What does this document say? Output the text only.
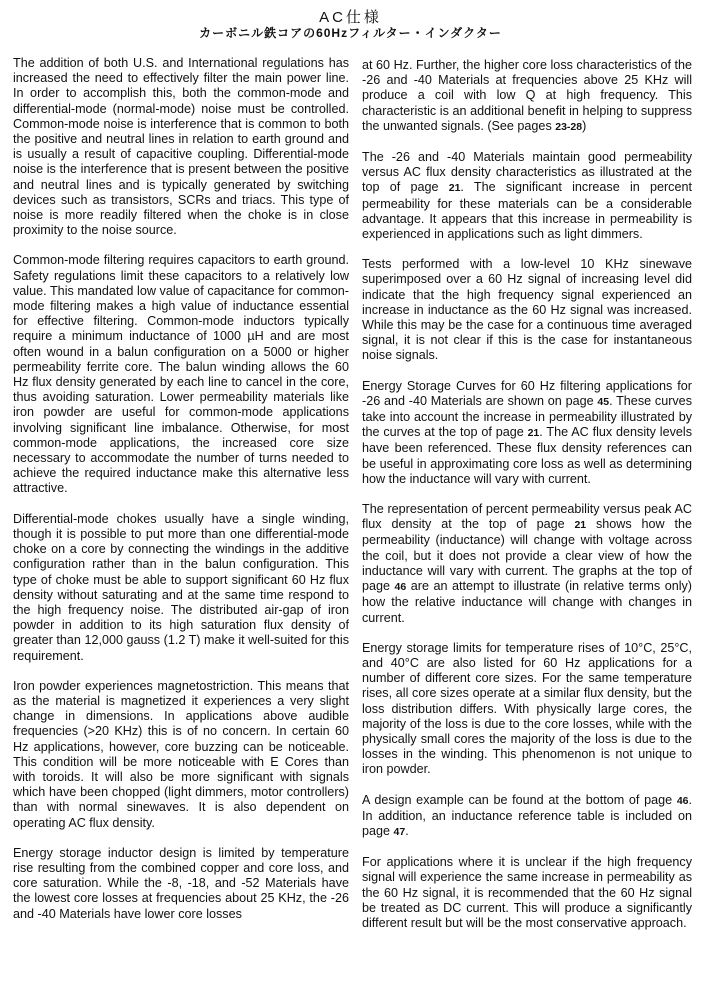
AC仕様
カーボニル鉄コアの60Hzフィルター・インダクター

The addition of both U.S. and International regulations has increased the need to effectively filter the main power line. In order to accomplish this, both the common-mode and differential-mode (normal-mode) noise must be controlled. Common-mode noise is interference that is common to both the positive and neutral lines in relation to earth ground and is usually a result of capacitive coupling. Differential-mode noise is the interference that is present between the positive and neutral lines and is typically generated by switching devices such as transistors, SCRs and triacs. This type of noise is more readily filtered when the choke is in close proximity to the noise source.

Common-mode filtering requires capacitors to earth ground. Safety regulations limit these capacitors to a relatively low value. This mandated low value of capacitance for common-mode filtering makes a high value of inductance essential for effective filtering. Common-mode inductors typically require a minimum inductance of 1000 µH and are most often wound in a balun configuration on a 5000 or higher permeability ferrite core. The balun winding allows the 60 Hz flux density generated by each line to cancel in the core, thus avoiding saturation. Lower permeability materials like iron powder are useful for common-mode applications involving significant line imbalance. Otherwise, for most common-mode applications, the increased core size necessary to accommodate the number of turns needed to achieve the required inductance make this alternative less attractive.

Differential-mode chokes usually have a single winding, though it is possible to put more than one differential-mode choke on a core by connecting the windings in the additive configuration rather than in the balun configuration. This type of choke must be able to support significant 60 Hz flux density without saturating and at the same time respond to the high frequency noise. The distributed air-gap of iron powder in addition to its high saturation flux density of greater than 12,000 gauss (1.2 T) make it well-suited for this requirement.

Iron powder experiences magnetostriction. This means that as the material is magnetized it experiences a very slight change in dimensions. In applications above audible frequencies (>20 KHz) this is of no concern. In certain 60 Hz applications, however, core buzzing can be noticeable. This condition will be more noticeable with E Cores than with toroids. It will also be more significant with signals which have been chopped (light dimmers, motor controllers) than with normal sinewaves. It is also dependent on operating AC flux density.

Energy storage inductor design is limited by temperature rise resulting from the combined copper and core loss, and core saturation. While the -8, -18, and -52 Materials have the lowest core losses at frequencies about 25 KHz, the -26 and -40 Materials have lower core losses

at 60 Hz. Further, the higher core loss characteristics of the -26 and -40 Materials at frequencies above 25 KHz will produce a coil with low Q at high frequency. This characteristic is an additional benefit in helping to suppress the unwanted signals. (See pages 23-28)

The -26 and -40 Materials maintain good permeability versus AC flux density characteristics as illustrated at the top of page 21. The significant increase in percent permeability for these materials can be a considerable advantage. It appears that this increase in permeability is experienced in applications such as light dimmers.

Tests performed with a low-level 10 KHz sinewave superimposed over a 60 Hz signal of increasing level did indicate that the high frequency signal experienced an increase in inductance as the 60 Hz signal was increased. While this may be the case for a continuous time averaged signal, it is not clear if this is the case for instantaneous noise signals.

Energy Storage Curves for 60 Hz filtering applications for -26 and -40 Materials are shown on page 45. These curves take into account the increase in permeability illustrated by the curves at the top of page 21. The AC flux density levels have been referenced. These flux density references can be useful in approximating core loss as well as determining how the inductance will vary with current.

The representation of percent permeability versus peak AC flux density at the top of page 21 shows how the permeability (inductance) will change with voltage across the coil, but it does not provide a clear view of how the inductance will vary with current. The graphs at the top of page 46 are an attempt to illustrate (in relative terms only) how the relative inductance will change with changes in current.

Energy storage limits for temperature rises of 10°C, 25°C, and 40°C are also listed for 60 Hz applications for a number of different core sizes. For the same temperature rises, all core sizes operate at a similar flux density, but the loss distribution differs. With physically large cores, the majority of the loss is due to the core losses, while with the physically small cores the majority of the loss is due to the losses in the winding. This phenomenon is not unique to iron powder.

A design example can be found at the bottom of page 46. In addition, an inductance reference table is included on page 47.

For applications where it is unclear if the high frequency signal will experience the same increase in permeability as the 60 Hz signal, it is recommended that the 60 Hz signal be treated as DC current. This will produce a significantly different result but will be the most conservative approach.
